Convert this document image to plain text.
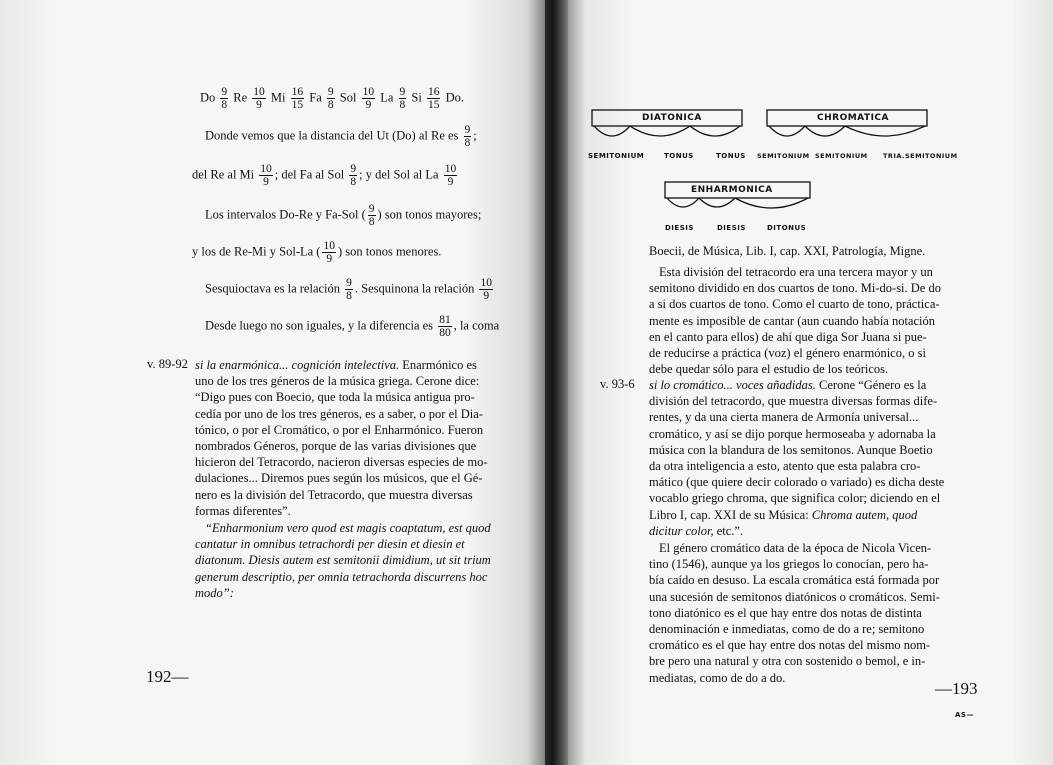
Do $\frac{9}{8}$ Re $\frac{10}{9}$ Mi $\frac{16}{15}$ Fa $\frac{9}{8}$ Sol $\frac{10}{9}$ La $\frac{9}{8}$ Si $\frac{16}{15} Do$.
Donde vemos que la distancia del Ut (Do) al Re es $\frac{9}{8}$ ;
del Re al Mi $\frac{10}{9}$ ; del Fa al Sol $\frac{9}{8}$ ; y del Sol al La $\frac{10}{9}$
Los intervalos Do-Re y Fa-Sol ( $\frac{9}{8}$ ) son tonos mayores;
y los de Re-Mi y Sol-La ( $\frac{10}{9}$ ) son tonos menores.
Sesquioctava es la relación $\frac{9}{8}$ . Sesquinona la relación $\frac{10}{9}$
Desde luego no son iguales, y la diferencia es $\frac{81}{80}$ , la coma
v. 89-92 si la enarmónica... cognición intelectiva. Enarmónico es
uno de los tres géneros de la música griega. Cerone dice:
“Digo pues con Boecio, que toda la música antigua pro-
cedía por uno de los tres géneros, es a saber, o por el Dia-
tónico, o por el Cromático, o por el Enharmónico. Fueron
nombrados Géneros, porque de las varias divisiones que
hicieron del Tetracordo, nacieron diversas especies de mo-
dulaciones... Diremos pues según los músicos, que el Gé-
nero es la división del Tetracordo, que muestra diversas
formas diferentes”.
“Enharmonium vero quod est magis coaptatum, est quod
cantatur in omnibus tetrachordi per diesin et diesin et
diatonum. Diesis autem est semitonii dimidium, ut sit trium
generum descriptio, per omnia tetrachorda discurrens hoc
modo”:
192—
DIATONICA
SEMITONIUM	TONUS	TONUS
CHROMATICA
SEMITONIUM SEMITONIUM TRIA.SEMITONIUM
ENHARMONICA
DIESIS	DIESIS	DITONUS
Boecii, de Música, Lib. I, cap. XXI, Patrología, Migne.
Esta división del tetracordo era una tercera mayor y un
semitono dividido en dos cuartos de tono. Mi-do-si. De do
a si dos cuartos de tono. Como el cuarto de tono, práctica-
mente es imposible de cantar (aun cuando había notación
en el canto para ellos) de ahí que diga Sor Juana si pue-
de reducirse a práctica (voz) el género enarmónico, o si
debe quedar sólo para el estudio de los teóricos.
v. 93-6 si lo cromático... voces añadidas. Cerone “Género es la
división del tetracordo, que muestra diversas formas dife-
rentes, y da una cierta manera de Armonía universal...
cromático, y así se dijo porque hermoseaba y adornaba la
música con la blandura de los semitonos. Aunque Boetio
da otra inteligencia a esto, atento que esta palabra cro-
mático (que quiere decir colorado o variado) es dicha deste
vocablo griego chroma, que significa color; diciendo en el
Libro I, cap. XXI de su Música: Chroma autem, quod
dicitur color, etc.”.
El género cromático data de la época de Nicola Vicen-
tino (1546), aunque ya los griegos lo conocían, pero ha-
bía caído en desuso. La escala cromática está formada por
una sucesión de semitonos diatónicos o cromáticos. Semi-
tono diatónico es el que hay entre dos notas de distinta
denominación e inmediatas, como de do a re; semitono
cromático es el que hay entre dos notas del mismo nom-
bre pero una natural y otra con sostenido o bemol, e in-
mediatas, como de do a do.
—193
AS—
